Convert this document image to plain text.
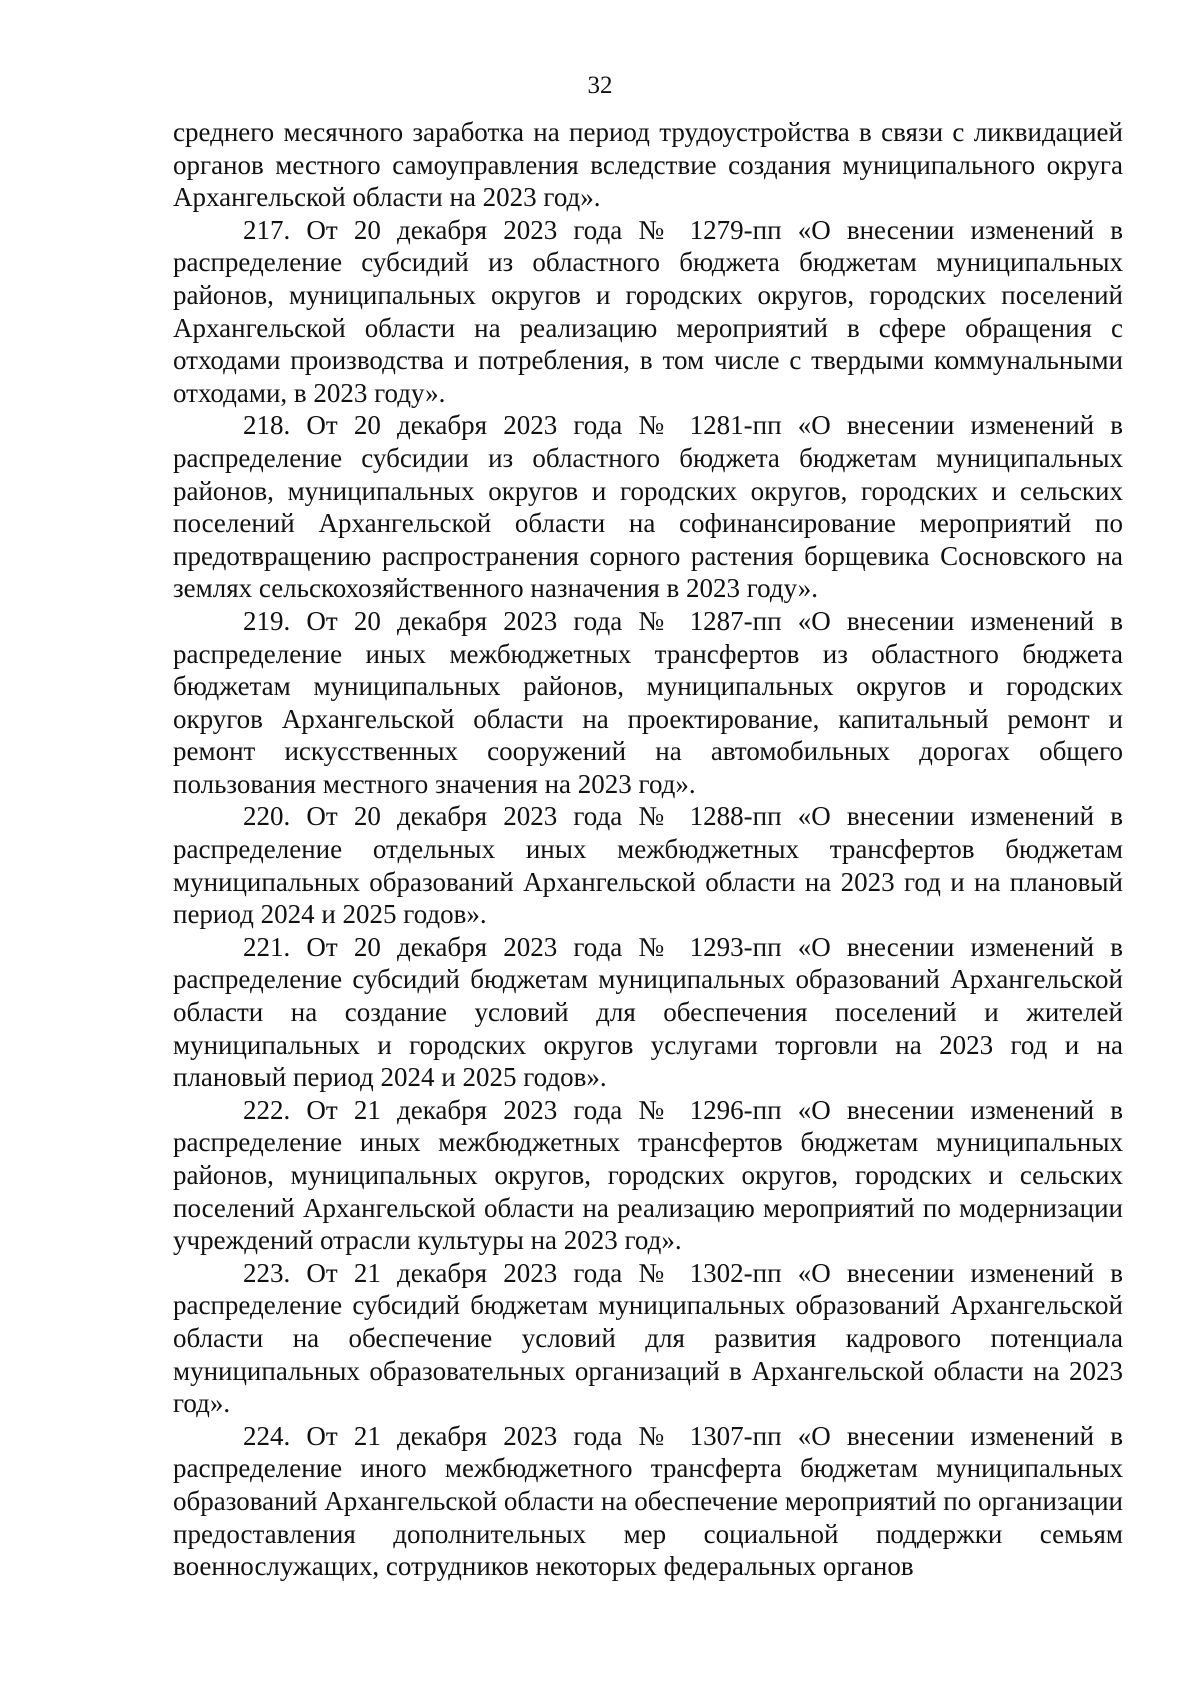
32

среднего месячного заработка на период трудоустройства в связи с ликвидацией органов местного самоуправления вследствие создания муниципального округа Архангельской области на 2023 год».

217. От 20 декабря 2023 года № 1279-пп «О внесении изменений в распределение субсидий из областного бюджета бюджетам муниципальных районов, муниципальных округов и городских округов, городских поселений Архангельской области на реализацию мероприятий в сфере обращения с отходами производства и потребления, в том числе с твердыми коммунальными отходами, в 2023 году».

218. От 20 декабря 2023 года № 1281-пп «О внесении изменений в распределение субсидии из областного бюджета бюджетам муниципальных районов, муниципальных округов и городских округов, городских и сельских поселений Архангельской области на софинансирование мероприятий по предотвращению распространения сорного растения борщевика Сосновского на землях сельскохозяйственного назначения в 2023 году».

219. От 20 декабря 2023 года № 1287-пп «О внесении изменений в распределение иных межбюджетных трансфертов из областного бюджета бюджетам муниципальных районов, муниципальных округов и городских округов Архангельской области на проектирование, капитальный ремонт и ремонт искусственных сооружений на автомобильных дорогах общего пользования местного значения на 2023 год».

220. От 20 декабря 2023 года № 1288-пп «О внесении изменений в распределение отдельных иных межбюджетных трансфертов бюджетам муниципальных образований Архангельской области на 2023 год и на плановый период 2024 и 2025 годов».

221. От 20 декабря 2023 года № 1293-пп «О внесении изменений в распределение субсидий бюджетам муниципальных образований Архангельской области на создание условий для обеспечения поселений и жителей муниципальных и городских округов услугами торговли на 2023 год и на плановый период 2024 и 2025 годов».

222. От 21 декабря 2023 года № 1296-пп «О внесении изменений в распределение иных межбюджетных трансфертов бюджетам муниципальных районов, муниципальных округов, городских округов, городских и сельских поселений Архангельской области на реализацию мероприятий по модернизации учреждений отрасли культуры на 2023 год».

223. От 21 декабря 2023 года № 1302-пп «О внесении изменений в распределение субсидий бюджетам муниципальных образований Архангельской области на обеспечение условий для развития кадрового потенциала муниципальных образовательных организаций в Архангельской области на 2023 год».

224. От 21 декабря 2023 года № 1307-пп «О внесении изменений в распределение иного межбюджетного трансферта бюджетам муниципальных образований Архангельской области на обеспечение мероприятий по организации предоставления дополнительных мер социальной поддержки семьям военнослужащих, сотрудников некоторых федеральных органов
